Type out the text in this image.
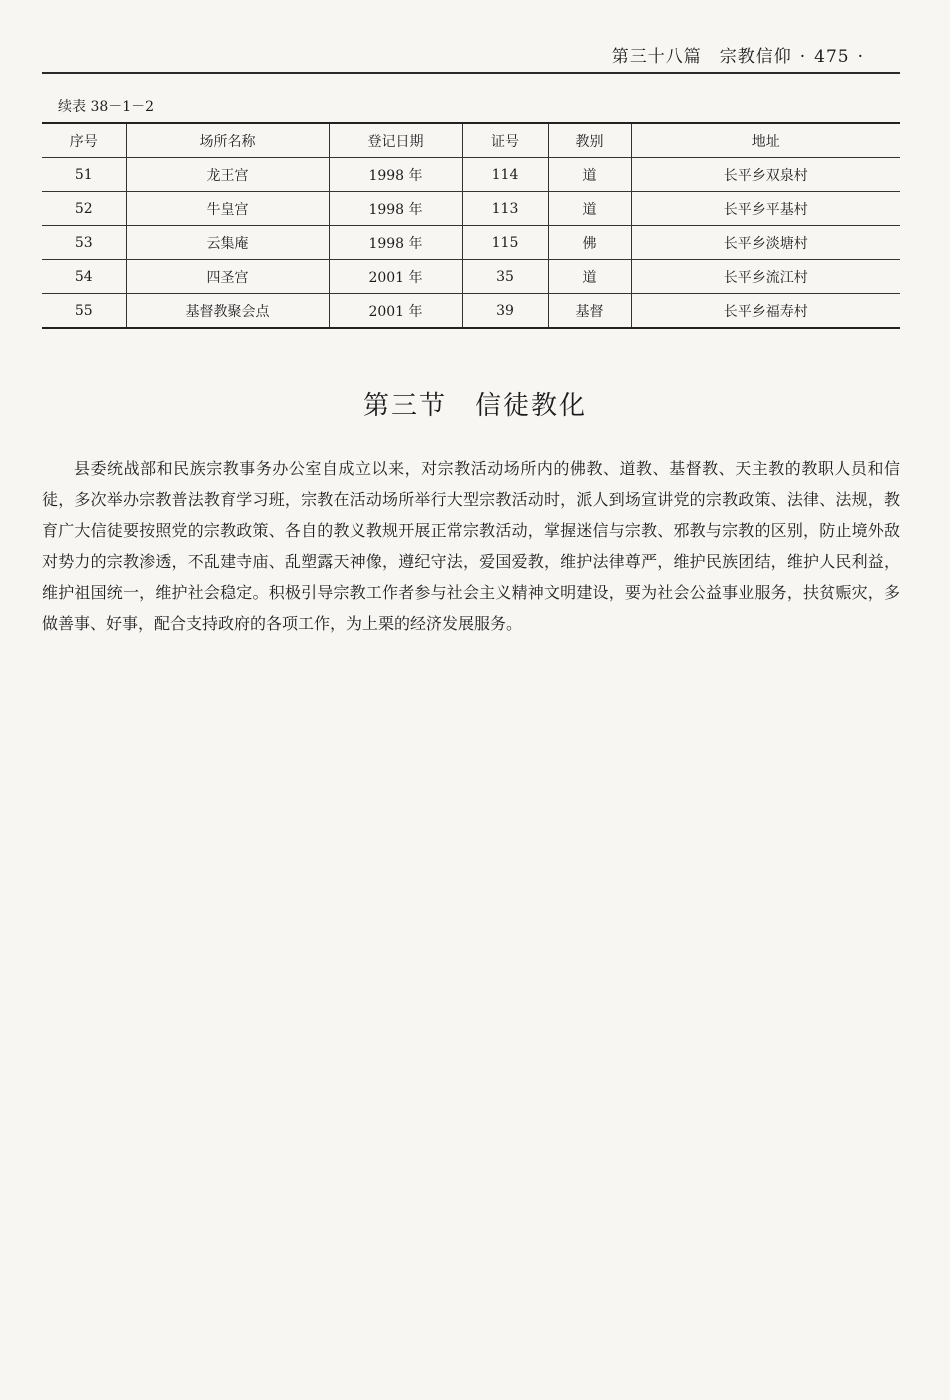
第三十八篇 宗教信仰 · 475 ·
续表 38－1－2
序号	场所名称	登记日期	证号	教别	地址
51	龙王宫	1998 年	114	道	长平乡双泉村
52	牛皇宫	1998 年	113	道	长平乡平基村
53	云集庵	1998 年	115	佛	长平乡淡塘村
54	四圣宫	2001 年	35	道	长平乡流江村
55	基督教聚会点	2001 年	39	基督	长平乡福寿村
第三节　信徒教化

县委统战部和民族宗教事务办公室自成立以来，对宗教活动场所内的佛教、道教、基督教、天主教的教职人员和信徒，多次举办宗教普法教育学习班，宗教在活动场所举行大型宗教活动时，派人到场宣讲党的宗教政策、法律、法规，教育广大信徒要按照党的宗教政策、各自的教义教规开展正常宗教活动，掌握迷信与宗教、邪教与宗教的区别，防止境外敌对势力的宗教渗透，不乱建寺庙、乱塑露天神像，遵纪守法，爱国爱教，维护法律尊严，维护民族团结，维护人民利益，维护祖国统一，维护社会稳定。积极引导宗教工作者参与社会主义精神文明建设，要为社会公益事业服务，扶贫赈灾，多做善事、好事，配合支持政府的各项工作，为上栗的经济发展服务。
